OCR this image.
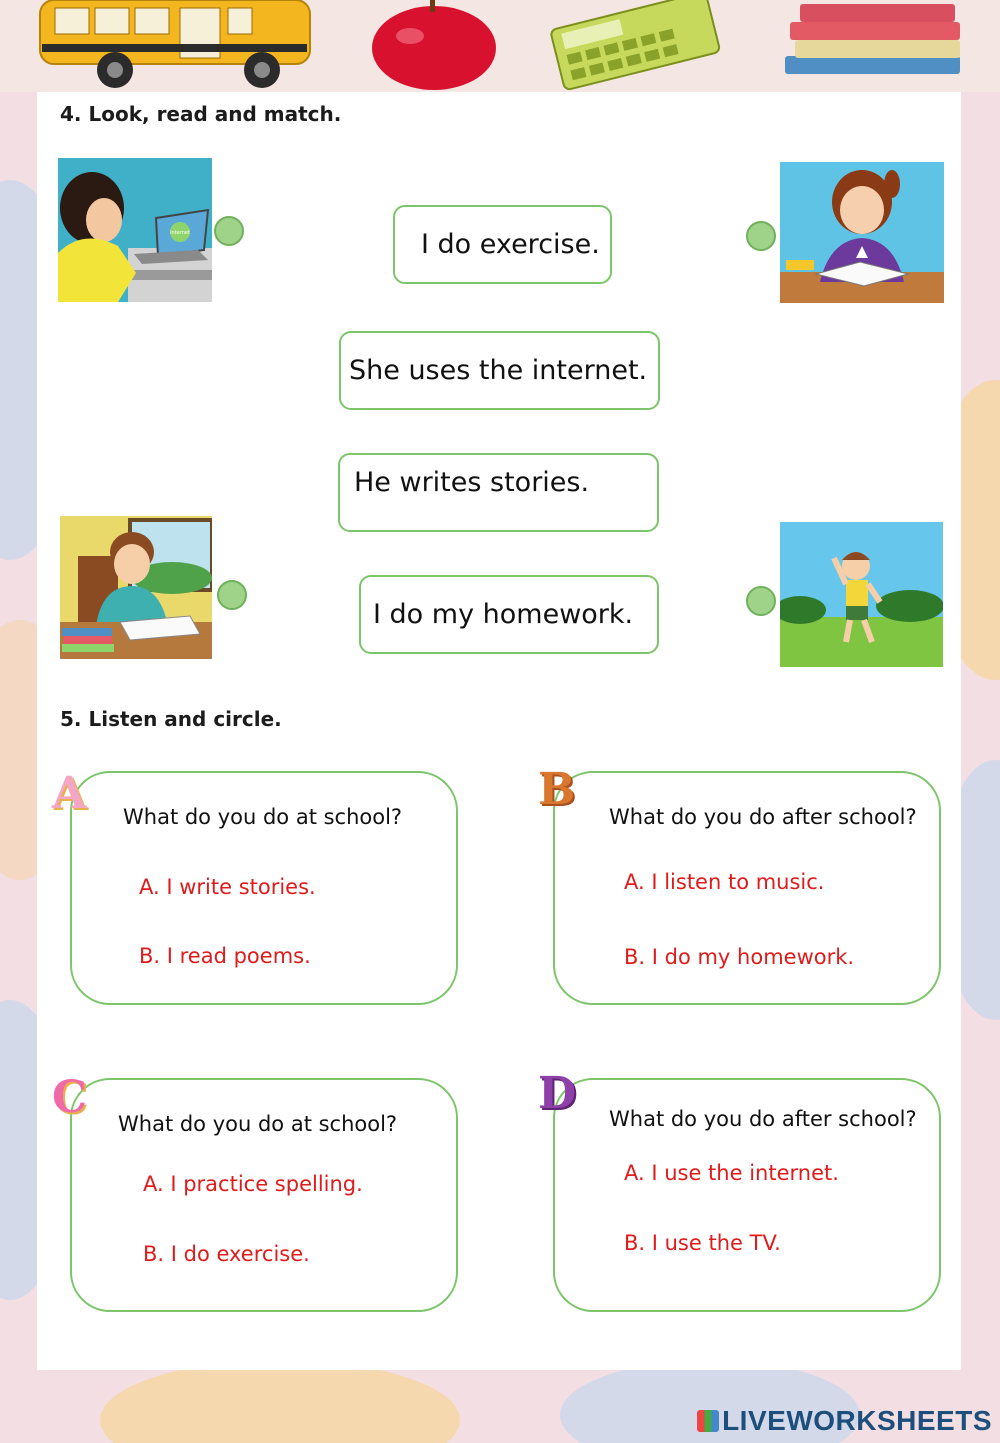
4. Look, read and match.
Internet	I do exercise.
She uses the internet.
He writes stories.
I do my homework.
5. Listen and circle.
A What do you do at school?
A. I write stories.
B. I read poems.
B
What do you do after school?
A. I listen to music.
B. I do my homework.
C
What do you do at school?
A. I practice spelling.
B. I do exercise.
D What do you do after school?
A. I use the internet.
B. I use the TV.
LIVEWORKSHEETS
